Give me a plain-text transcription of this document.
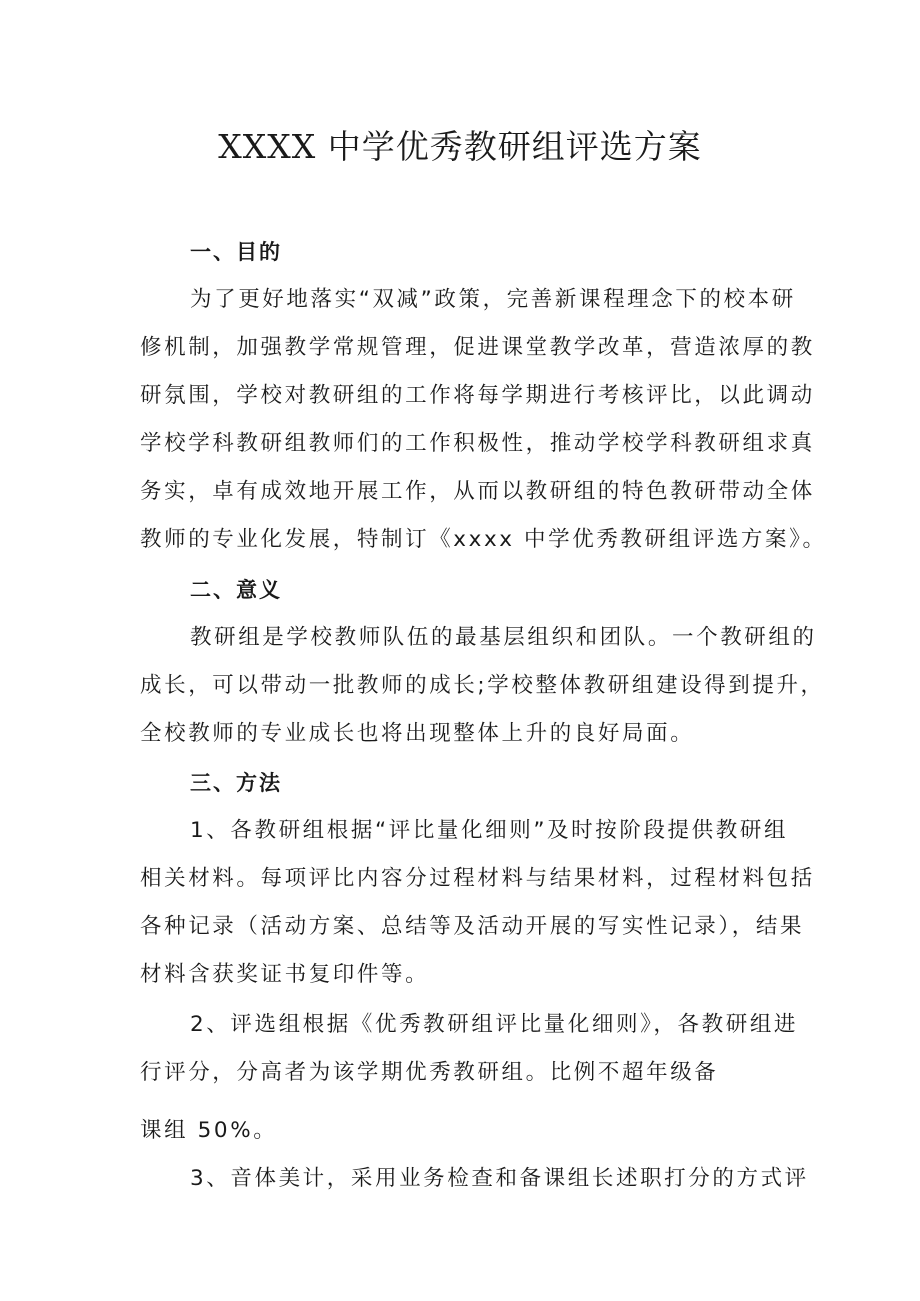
XXXX 中学优秀教研组评选方案
一、目的
为了更好地落实“双减”政策，完善新课程理念下的校本研
修机制，加强教学常规管理，促进课堂教学改革，营造浓厚的教
研氛围，学校对教研组的工作将每学期进行考核评比，以此调动
学校学科教研组教师们的工作积极性，推动学校学科教研组求真
务实，卓有成效地开展工作，从而以教研组的特色教研带动全体
教师的专业化发展，特制订《xxxx 中学优秀教研组评选方案》。
二、意义
教研组是学校教师队伍的最基层组织和团队。一个教研组的
成长，可以带动一批教师的成长;学校整体教研组建设得到提升，
全校教师的专业成长也将出现整体上升的良好局面。
三、方法
1、各教研组根据“评比量化细则”及时按阶段提供教研组
相关材料。每项评比内容分过程材料与结果材料，过程材料包括
各种记录（活动方案、总结等及活动开展的写实性记录），结果
材料含获奖证书复印件等。
2、评选组根据《优秀教研组评比量化细则》，各教研组进
行评分，分高者为该学期优秀教研组。比例不超年级备
课组 50%。
3、音体美计，采用业务检查和备课组长述职打分的方式评
